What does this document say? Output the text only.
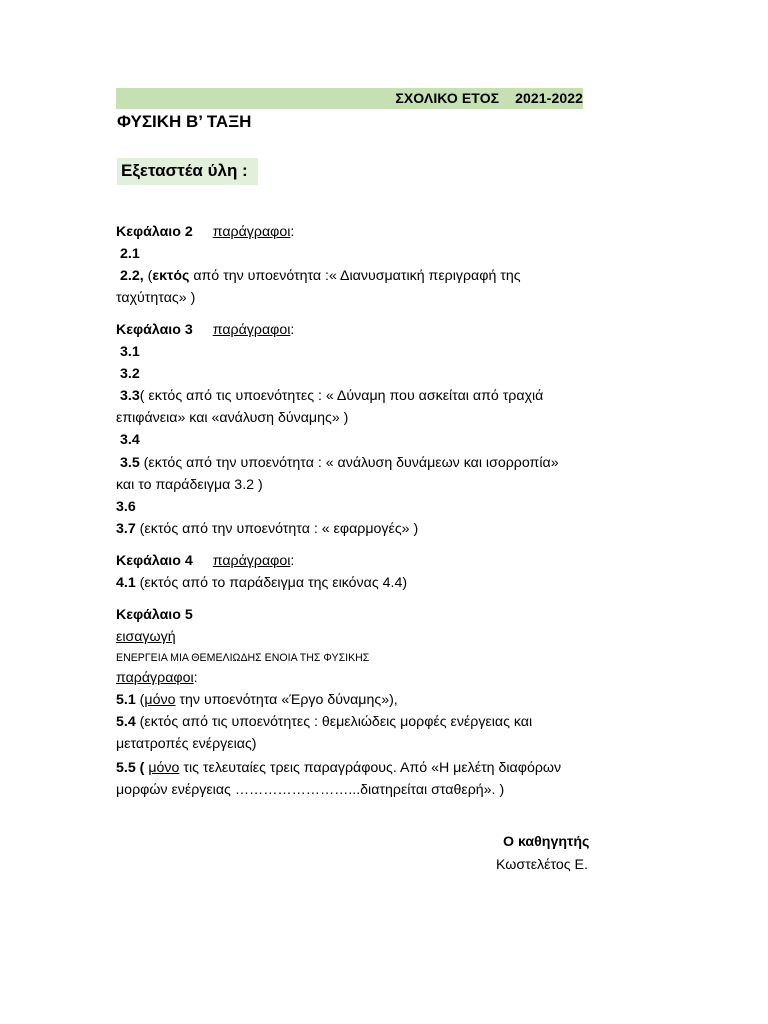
ΣΧΟΛΙΚΟ ΕΤΟΣ    2021-2022
ΦΥΣΙΚΗ Β’ ΤΑΞΗ
Εξεταστέα ύλη :
Κεφάλαιο 2 παράγραφοι:
2.1
2.2, (εκτός από την υποενότητα :« Διανυσματική περιγραφή της
ταχύτητας» )
Κεφάλαιο 3 παράγραφοι:
3.1
3.2
3.3( εκτός από τις υποενότητες : « Δύναμη που ασκείται από τραχιά
επιφάνεια» και «ανάλυση δύναμης» )
3.4
3.5 (εκτός από την υποενότητα : « ανάλυση δυνάμεων και ισορροπία»
και το παράδειγμα 3.2 )
3.6
3.7 (εκτός από την υποενότητα : « εφαρμογές» )
Κεφάλαιο 4 παράγραφοι:
4.1 (εκτός από το παράδειγμα της εικόνας 4.4)
Κεφάλαιο 5
εισαγωγή
ΕΝΕΡΓΕΙΑ ΜΙΑ ΘΕΜΕΛΙΩΔΗΣ ΕΝΟΙΑ ΤΗΣ ΦΥΣΙΚΗΣ
παράγραφοι:
5.1 (μόνο την υποενότητα «Έργο δύναμης»),
5.4 (εκτός από τις υποενότητες : θεμελιώδεις μορφές ενέργειας και
μετατροπές ενέργειας)
5.5 ( μόνο τις τελευταίες τρεις παραγράφους. Από «Η μελέτη διαφόρων
μορφών ενέργειας ……………………...διατηρείται σταθερή». )
Ο καθηγητής
Κωστελέτος Ε.
